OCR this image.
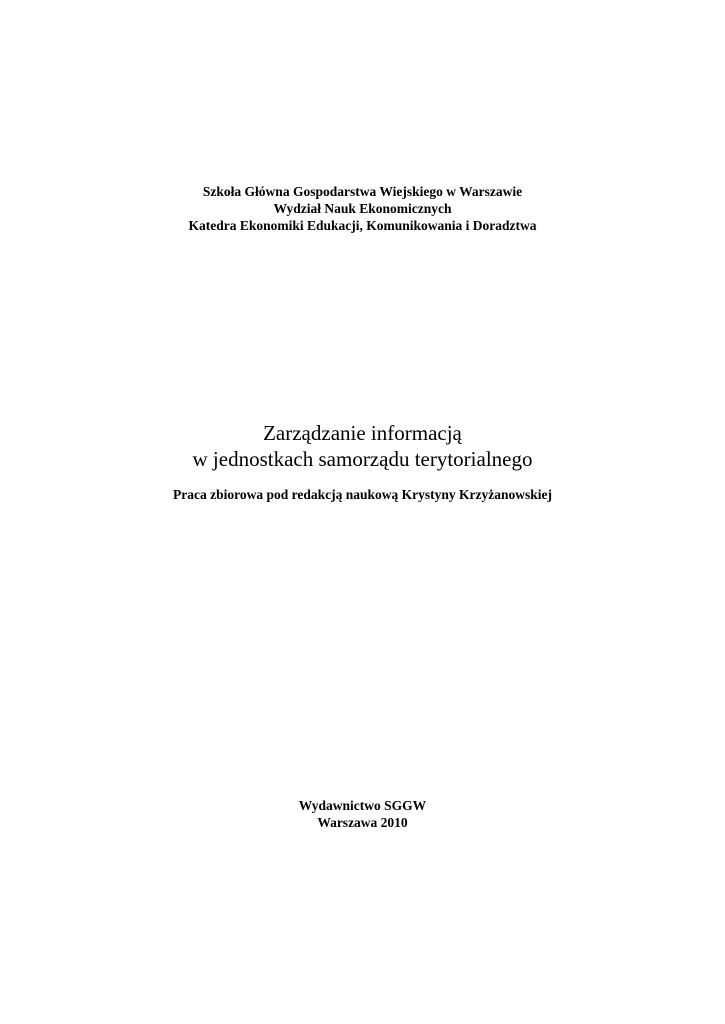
Szkoła Główna Gospodarstwa Wiejskiego w Warszawie
Wydział Nauk Ekonomicznych
Katedra Ekonomiki Edukacji, Komunikowania i Doradztwa
Zarządzanie informacją
w jednostkach samorządu terytorialnego
Praca zbiorowa pod redakcją naukową Krystyny Krzyżanowskiej
Wydawnictwo SGGW
Warszawa 2010
